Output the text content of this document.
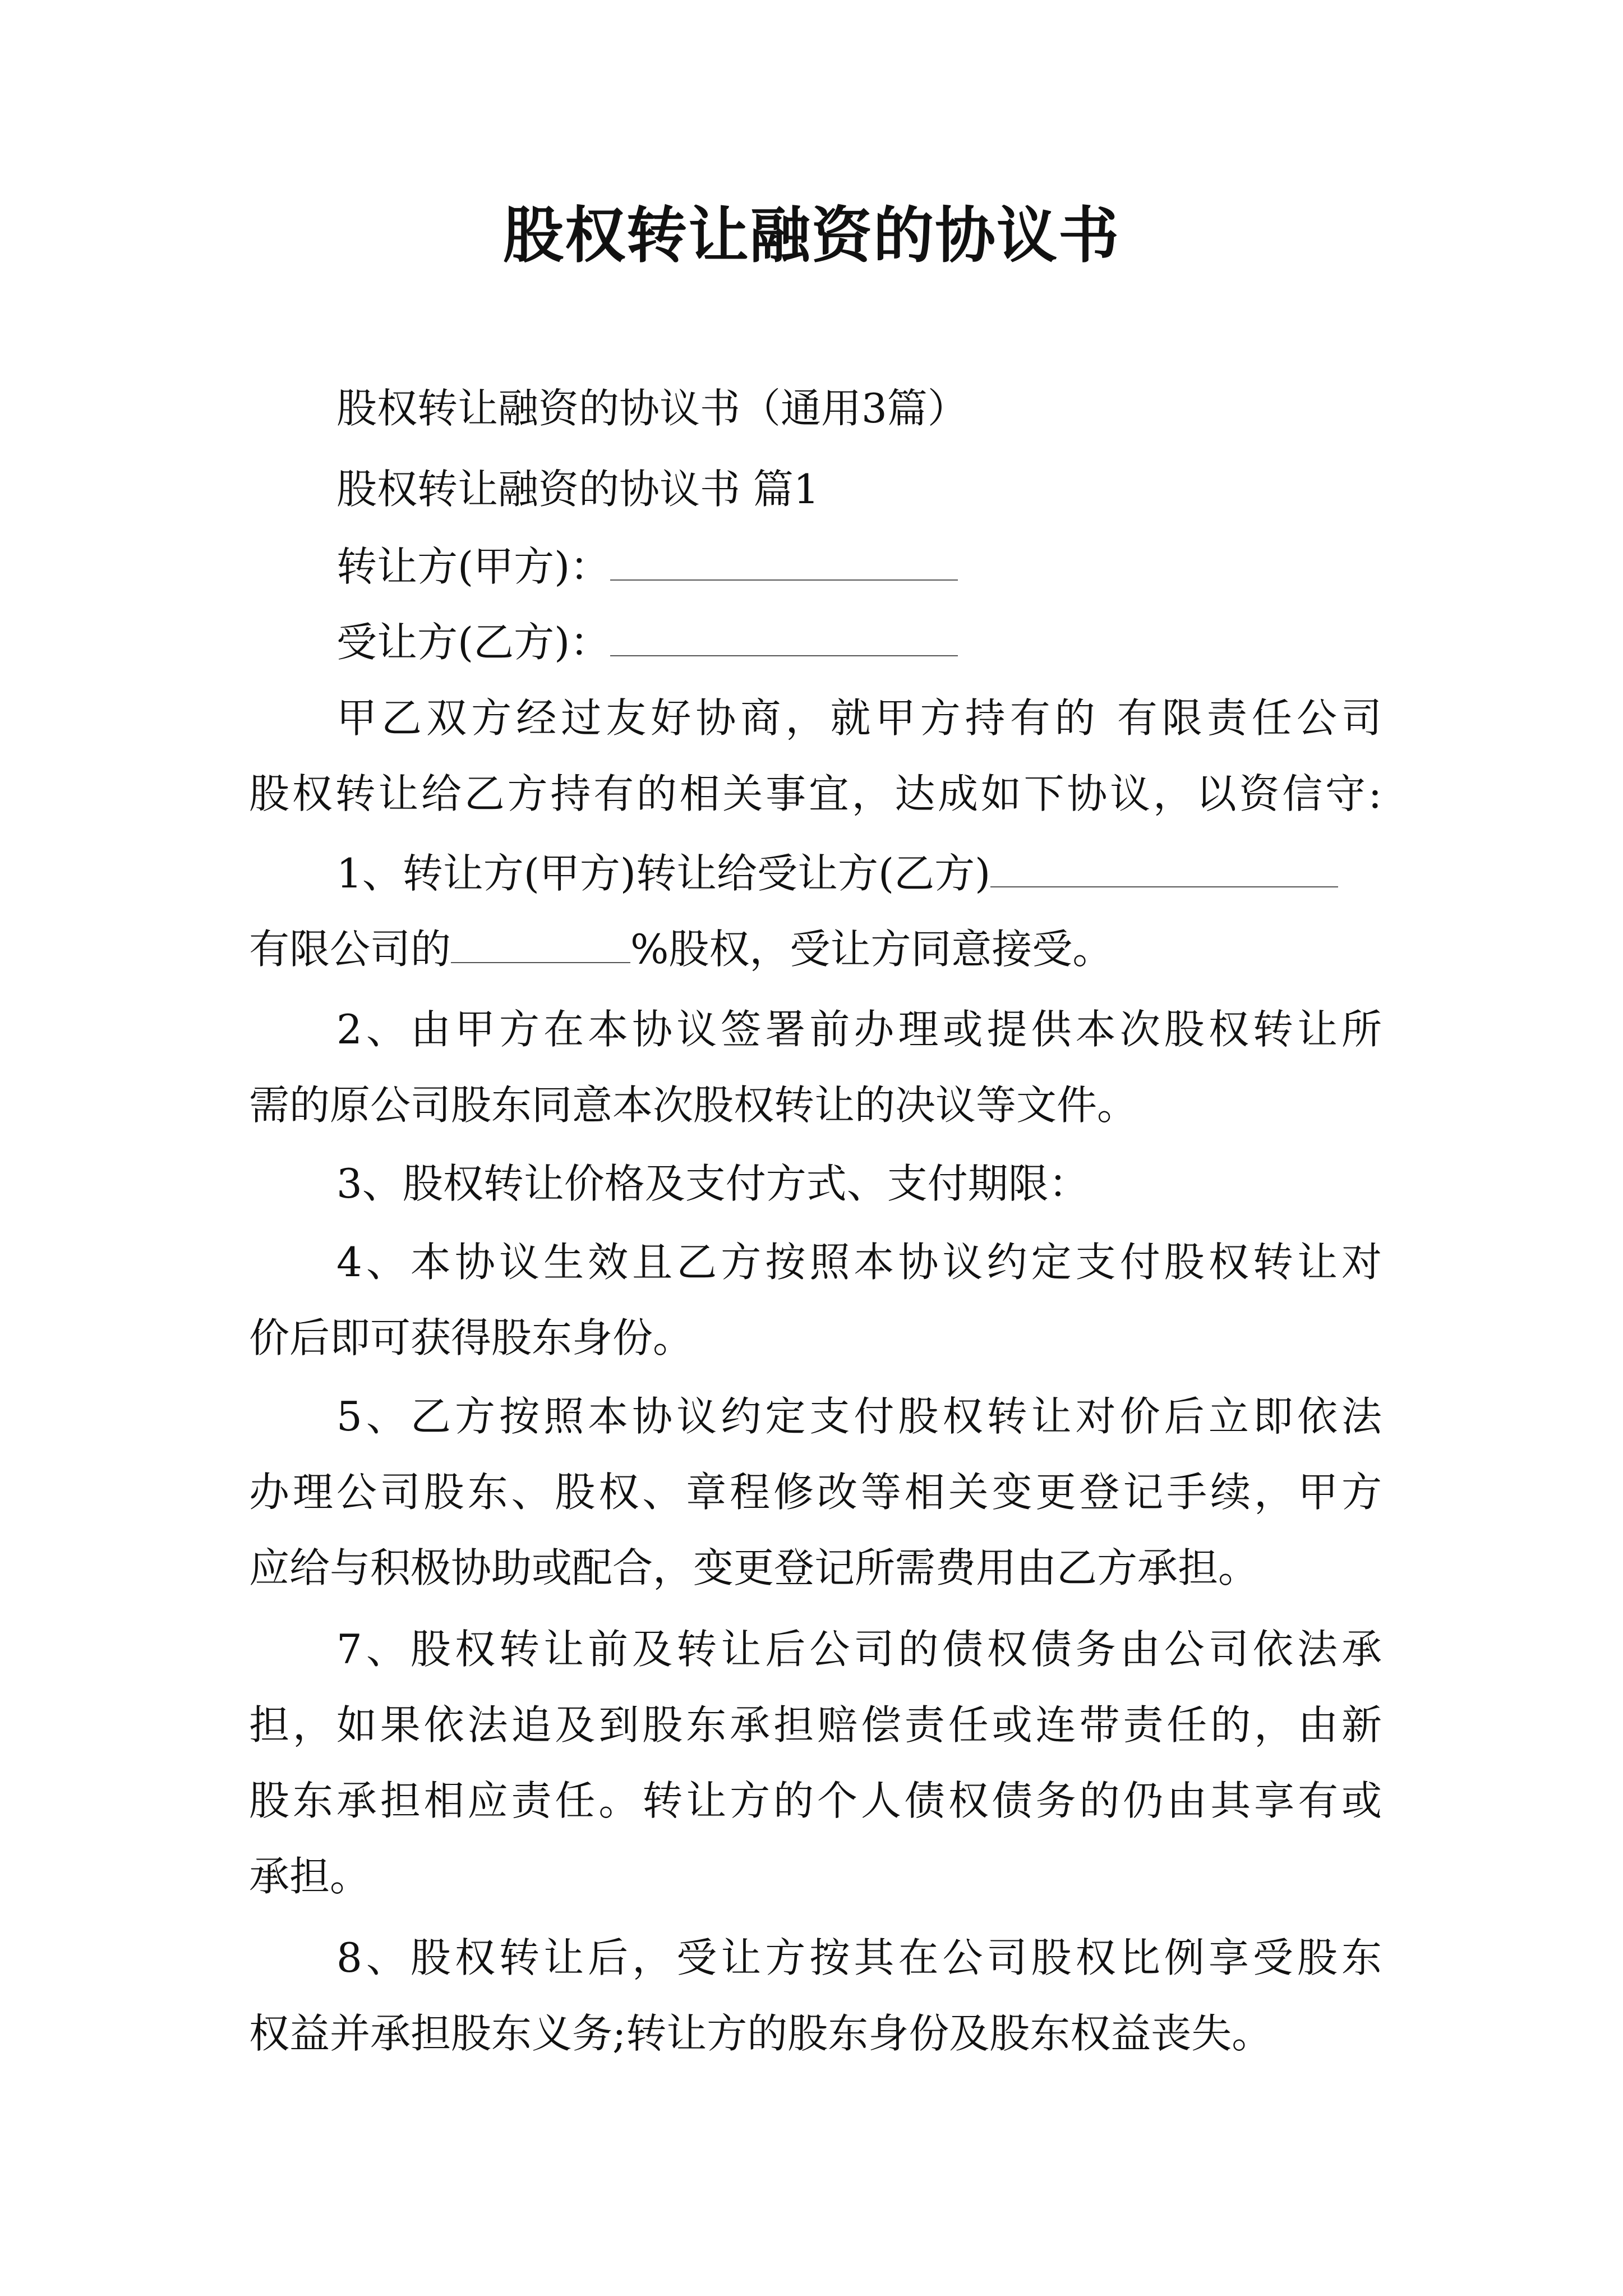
股权转让融资的协议书

股权转让融资的协议书（通用3篇）

股权转让融资的协议书 篇1

转让方(甲方)：

受让方(乙方)：

甲乙双方经过友好协商，就甲方持有的 有限责任公司

股权转让给乙方持有的相关事宜，达成如下协议，以资信守:

1、转让方(甲方)转让给受让方(乙方)

有限公司的	%股权，受让方同意接受。

2、由甲方在本协议签署前办理或提供本次股权转让所

需的原公司股东同意本次股权转让的决议等文件。

3、股权转让价格及支付方式、支付期限：

4、本协议生效且乙方按照本协议约定支付股权转让对

价后即可获得股东身份。

5、乙方按照本协议约定支付股权转让对价后立即依法

办理公司股东、股权、章程修改等相关变更登记手续，甲方

应给与积极协助或配合，变更登记所需费用由乙方承担。

7、股权转让前及转让后公司的债权债务由公司依法承

担，如果依法追及到股东承担赔偿责任或连带责任的，由新

股东承担相应责任。转让方的个人债权债务的仍由其享有或

承担。

8、股权转让后，受让方按其在公司股权比例享受股东

权益并承担股东义务;转让方的股东身份及股东权益丧失。
